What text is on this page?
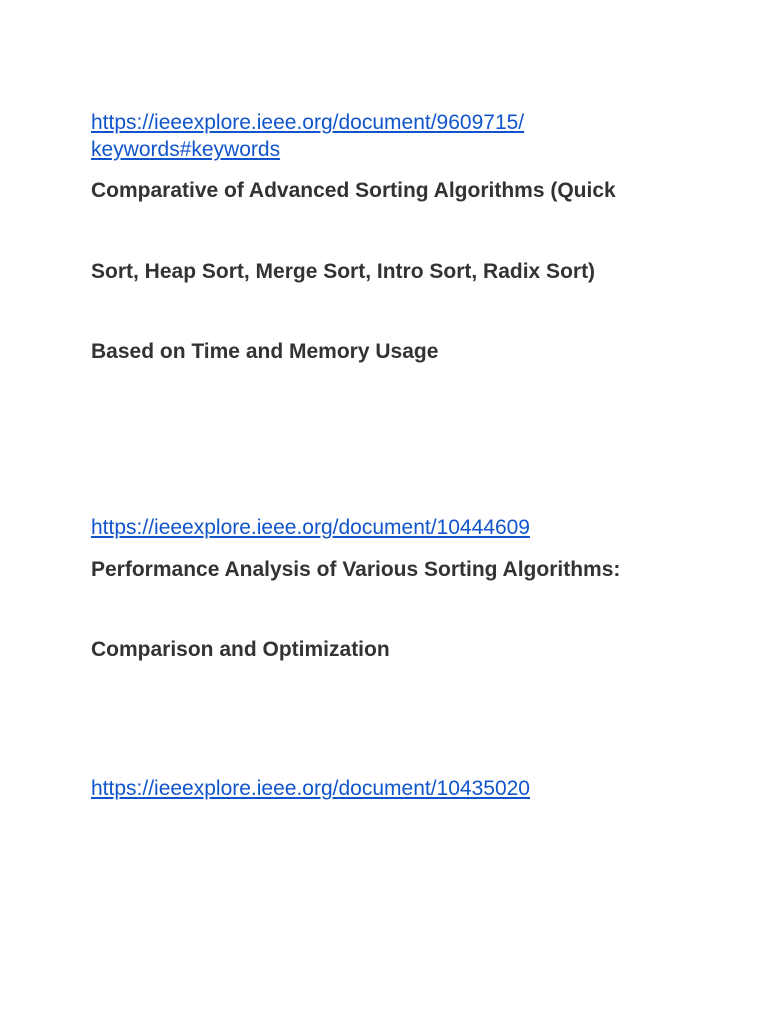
https://ieeexplore.ieee.org/document/9609715/
keywords#keywords
Comparative of Advanced Sorting Algorithms (Quick
Sort, Heap Sort, Merge Sort, Intro Sort, Radix Sort)
Based on Time and Memory Usage
https://ieeexplore.ieee.org/document/10444609
Performance Analysis of Various Sorting Algorithms:
Comparison and Optimization
https://ieeexplore.ieee.org/document/10435020
